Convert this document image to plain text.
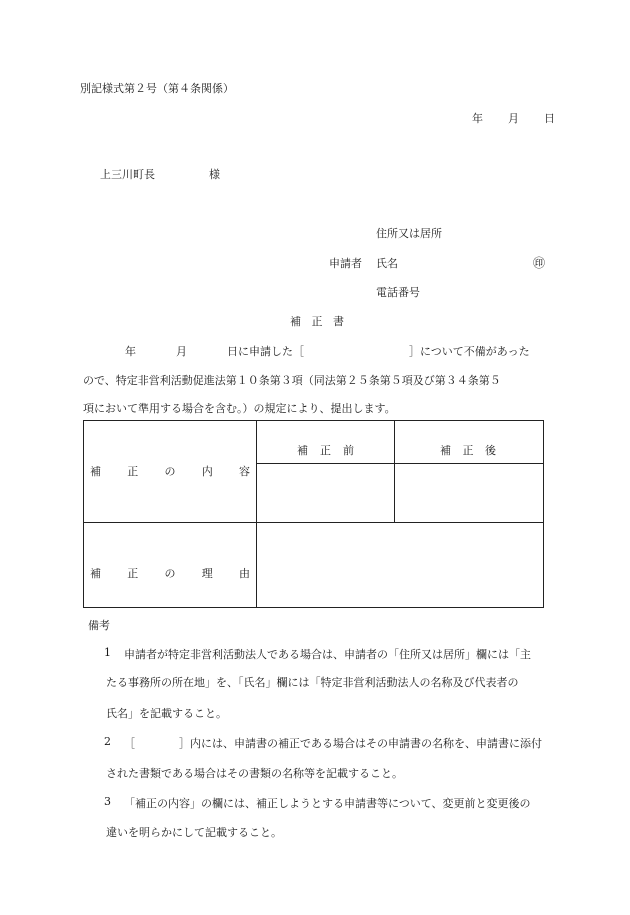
別記様式第２号（第４条関係）
年 月 日
上三川町長	様
住所又は居所
申請者 氏名	㊞
電話番号
補 正 書
年	月	日に申請した［	］について不備があった
ので、特定非営利活動促進法第１０条第３項（同法第２５条第５項及び第３４条第５
項において準用する場合を含む。）の規定により、提出します。
補 正 の 内 容
補 正 前	補 正 後
補 正 の 理 由
備考
1 申請者が特定非営利活動法人である場合は、申請者の「住所又は居所」欄には「主
たる事務所の所在地」を、「氏名」欄には「特定非営利活動法人の名称及び代表者の
氏名」を記載すること。
2 ［　　　　］内には、申請書の補正である場合はその申請書の名称を、申請書に添付
された書類である場合はその書類の名称等を記載すること。
3 「補正の内容」の欄には、補正しようとする申請書等について、変更前と変更後の
違いを明らかにして記載すること。
